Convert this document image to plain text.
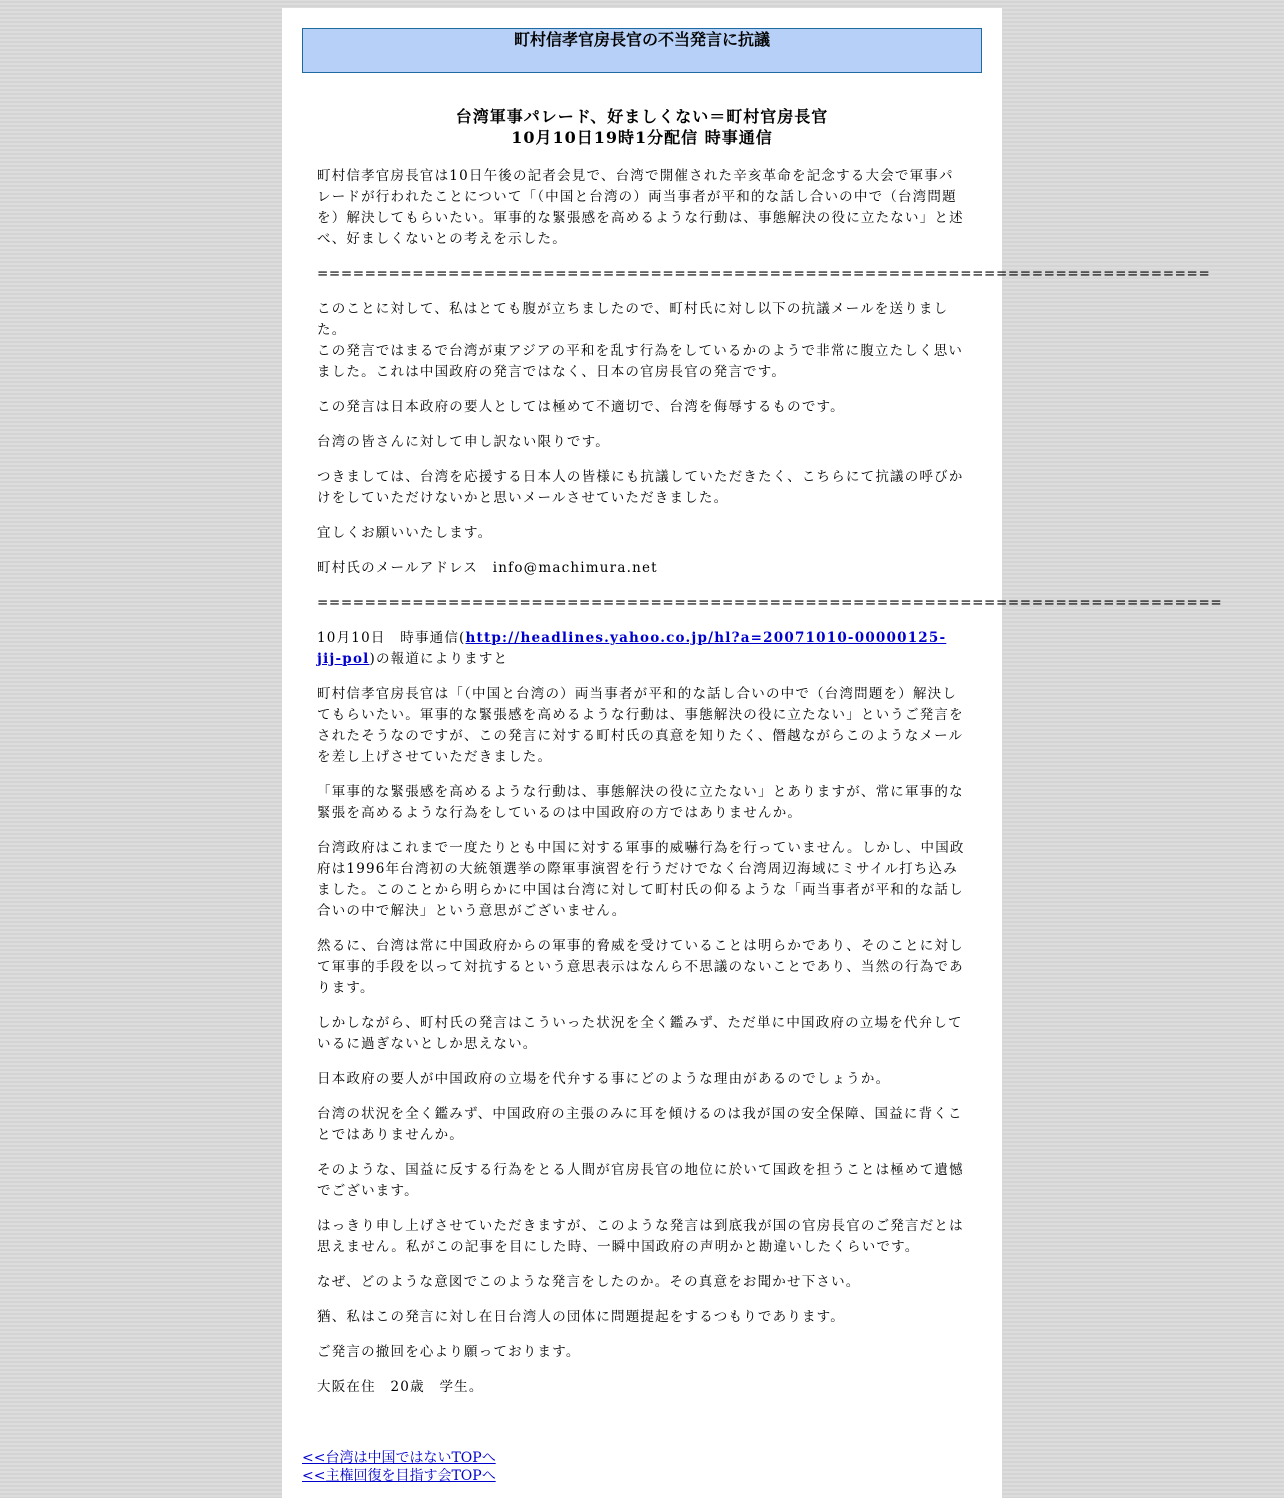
町村信孝官房長官の不当発言に抗議
台湾軍事パレード、好ましくない＝町村官房長官
10月10日19時1分配信 時事通信

町村信孝官房長官は10日午後の記者会見で、台湾で開催された辛亥革命を記念する大会で軍事パレードが行われたことについて「（中国と台湾の）両当事者が平和的な話し合いの中で（台湾問題を）解決してもらいたい。軍事的な緊張感を高めるような行動は、事態解決の役に立たない」と述べ、好ましくないとの考えを示した。

===========================================================================

このことに対して、私はとても腹が立ちましたので、町村氏に対し以下の抗議メールを送りました。
この発言ではまるで台湾が東アジアの平和を乱す行為をしているかのようで非常に腹立たしく思いました。これは中国政府の発言ではなく、日本の官房長官の発言です。

この発言は日本政府の要人としては極めて不適切で、台湾を侮辱するものです。

台湾の皆さんに対して申し訳ない限りです。

つきましては、台湾を応援する日本人の皆様にも抗議していただきたく、こちらにて抗議の呼びかけをしていただけないかと思いメールさせていただきました。

宜しくお願いいたします。

町村氏のメールアドレス　info@machimura.net

============================================================================

10月10日　時事通信(http://headlines.yahoo.co.jp/hl?a=20071010-00000125-jij-pol)の報道によりますと

町村信孝官房長官は「（中国と台湾の）両当事者が平和的な話し合いの中で（台湾問題を）解決してもらいたい。軍事的な緊張感を高めるような行動は、事態解決の役に立たない」というご発言をされたそうなのですが、この発言に対する町村氏の真意を知りたく、僭越ながらこのようなメールを差し上げさせていただきました。

「軍事的な緊張感を高めるような行動は、事態解決の役に立たない」とありますが、常に軍事的な緊張を高めるような行為をしているのは中国政府の方ではありませんか。

台湾政府はこれまで一度たりとも中国に対する軍事的威嚇行為を行っていません。しかし、中国政府は1996年台湾初の大統領選挙の際軍事演習を行うだけでなく台湾周辺海域にミサイル打ち込みました。このことから明らかに中国は台湾に対して町村氏の仰るような「両当事者が平和的な話し合いの中で解決」という意思がございません。

然るに、台湾は常に中国政府からの軍事的脅威を受けていることは明らかであり、そのことに対して軍事的手段を以って対抗するという意思表示はなんら不思議のないことであり、当然の行為であります。

しかしながら、町村氏の発言はこういった状況を全く鑑みず、ただ単に中国政府の立場を代弁しているに過ぎないとしか思えない。

日本政府の要人が中国政府の立場を代弁する事にどのような理由があるのでしょうか。

台湾の状況を全く鑑みず、中国政府の主張のみに耳を傾けるのは我が国の安全保障、国益に背くことではありませんか。

そのような、国益に反する行為をとる人間が官房長官の地位に於いて国政を担うことは極めて遺憾でございます。

はっきり申し上げさせていただきますが、このような発言は到底我が国の官房長官のご発言だとは思えません。私がこの記事を目にした時、一瞬中国政府の声明かと勘違いしたくらいです。

なぜ、どのような意図でこのような発言をしたのか。その真意をお聞かせ下さい。

猶、私はこの発言に対し在日台湾人の団体に問題提起をするつもりであります。

ご発言の撤回を心より願っております。

大阪在住　20歳　学生。

<<台湾は中国ではないTOPへ
<<主権回復を目指す会TOPへ
